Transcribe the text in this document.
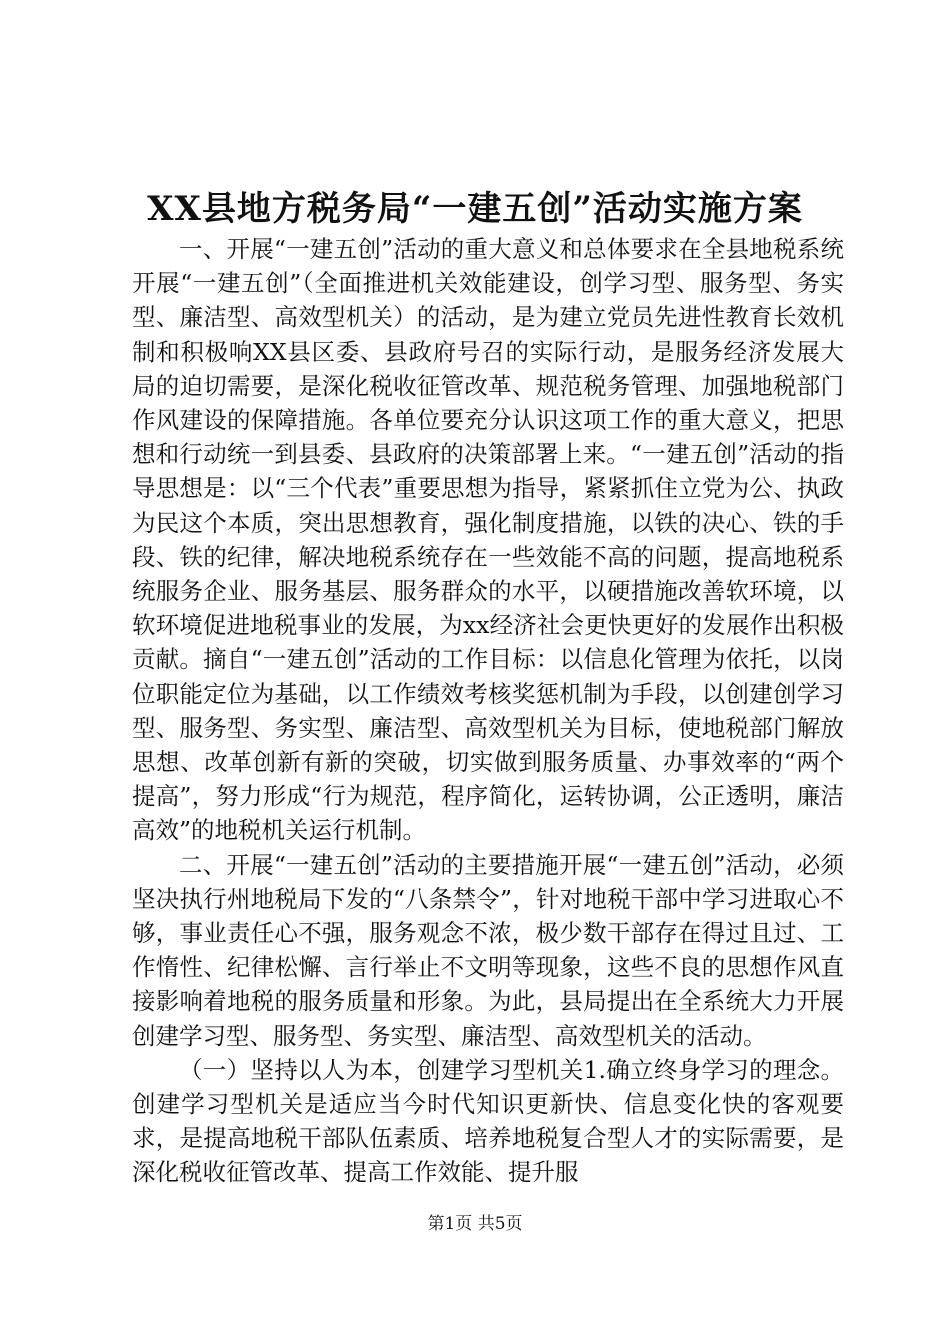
XX县地方税务局“一建五创”活动实施方案

一、开展“一建五创”活动的重大意义和总体要求在全县地税系统开展“一建五创”（全面推进机关效能建设，创学习型、服务型、务实型、廉洁型、高效型机关）的活动，是为建立党员先进性教育长效机制和积极响XX县区委、县政府号召的实际行动，是服务经济发展大局的迫切需要，是深化税收征管改革、规范税务管理、加强地税部门作风建设的保障措施。各单位要充分认识这项工作的重大意义，把思想和行动统一到县委、县政府的决策部署上来。“一建五创”活动的指导思想是：以“三个代表”重要思想为指导，紧紧抓住立党为公、执政为民这个本质，突出思想教育，强化制度措施，以铁的决心、铁的手段、铁的纪律，解决地税系统存在一些效能不高的问题，提高地税系统服务企业、服务基层、服务群众的水平，以硬措施改善软环境，以软环境促进地税事业的发展，为xx经济社会更快更好的发展作出积极贡献。摘自“一建五创”活动的工作目标：以信息化管理为依托，以岗位职能定位为基础，以工作绩效考核奖惩机制为手段，以创建创学习型、服务型、务实型、廉洁型、高效型机关为目标，使地税部门解放思想、改革创新有新的突破，切实做到服务质量、办事效率的“两个提高”，努力形成“行为规范，程序简化，运转协调，公正透明，廉洁高效”的地税机关运行机制。

二、开展“一建五创”活动的主要措施开展“一建五创”活动，必须坚决执行州地税局下发的“八条禁令”，针对地税干部中学习进取心不够，事业责任心不强，服务观念不浓，极少数干部存在得过且过、工作惰性、纪律松懈、言行举止不文明等现象，这些不良的思想作风直接影响着地税的服务质量和形象。为此，县局提出在全系统大力开展创建学习型、服务型、务实型、廉洁型、高效型机关的活动。

（一）坚持以人为本，创建学习型机关1.确立终身学习的理念。创建学习型机关是适应当今时代知识更新快、信息变化快的客观要求，是提高地税干部队伍素质、培养地税复合型人才的实际需要，是深化税收征管改革、提高工作效能、提升服

第1页 共5页
